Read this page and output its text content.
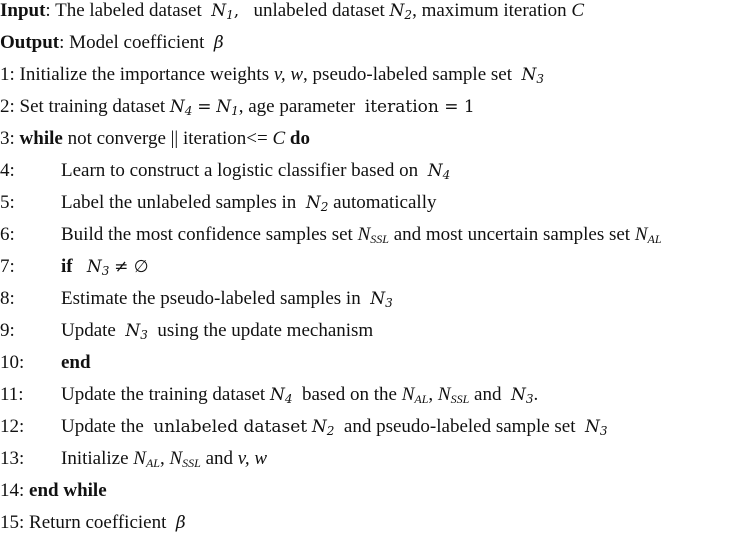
Input: The labeled dataset $N_1$, unlabeled dataset $N_2$, maximum iteration C
Output: Model coefficient β
1: Initialize the importance weights v, w, pseudo-labeled sample set $N_3$
2: Set training dataset $N_4 = N_1$, age parameter iteration = 1
3: while not converge || iteration<= C do
4: Learn to construct a logistic classifier based on $N_4$
5: Label the unlabeled samples in $N_2$ automatically
6: Build the most confidence samples set $N_{SSL}$ and most uncertain samples set $N_{AL}$
7: if $N_3$ ≠ ∅
8: Estimate the pseudo-labeled samples in $N_3$
9: Update $N_3$ using the update mechanism
10: end
11: Update the training dataset $N_4$ based on the $N_{AL}$, $N_{SSL}$ and $N_3$.
12: Update the unlabeled dataset $N_2$ and pseudo-labeled sample set $N_3$
13: Initialize $N_{AL}$, $N_{SSL}$ and v, w
14: end while
15: Return coefficient β
